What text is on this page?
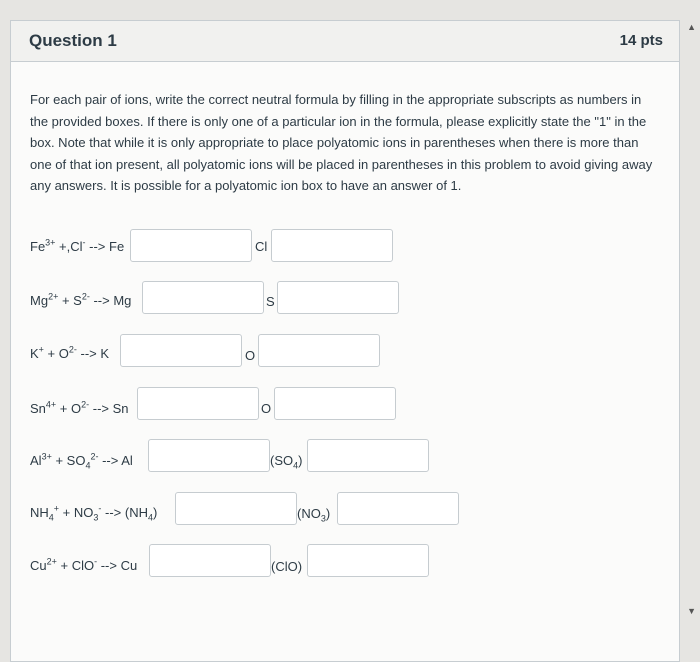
Question 1	14 pts
For each pair of ions, write the correct neutral formula by filling in the appropriate subscripts as numbers in the provided boxes. If there is only one of a particular ion in the formula, please explicitly state the "1" in the box. Note that while it is only appropriate to place polyatomic ions in parentheses when there is more than one of that ion present, all polyatomic ions will be placed in parentheses in this problem to avoid giving away any answers. It is possible for a polyatomic ion box to have an answer of 1.
$Fe^{3+} +,Cl^-$ --> Fe	Cl
$Mg^{2+} + S^{2-}$ --> Mg	S
$K^+ + O^{2-}$ --> K	O
$Sn^{4+} + O^{2-}$ --> Sn	O
$Al^{3+} + SO_4^{2-}$ --> Al	$(SO_4)$
$NH_4^+ + NO_3^-$ --> $(NH_4)$	$(NO_3)$
$Cu^{2+} + ClO^-$ --> Cu	(ClO)
▲
▼
